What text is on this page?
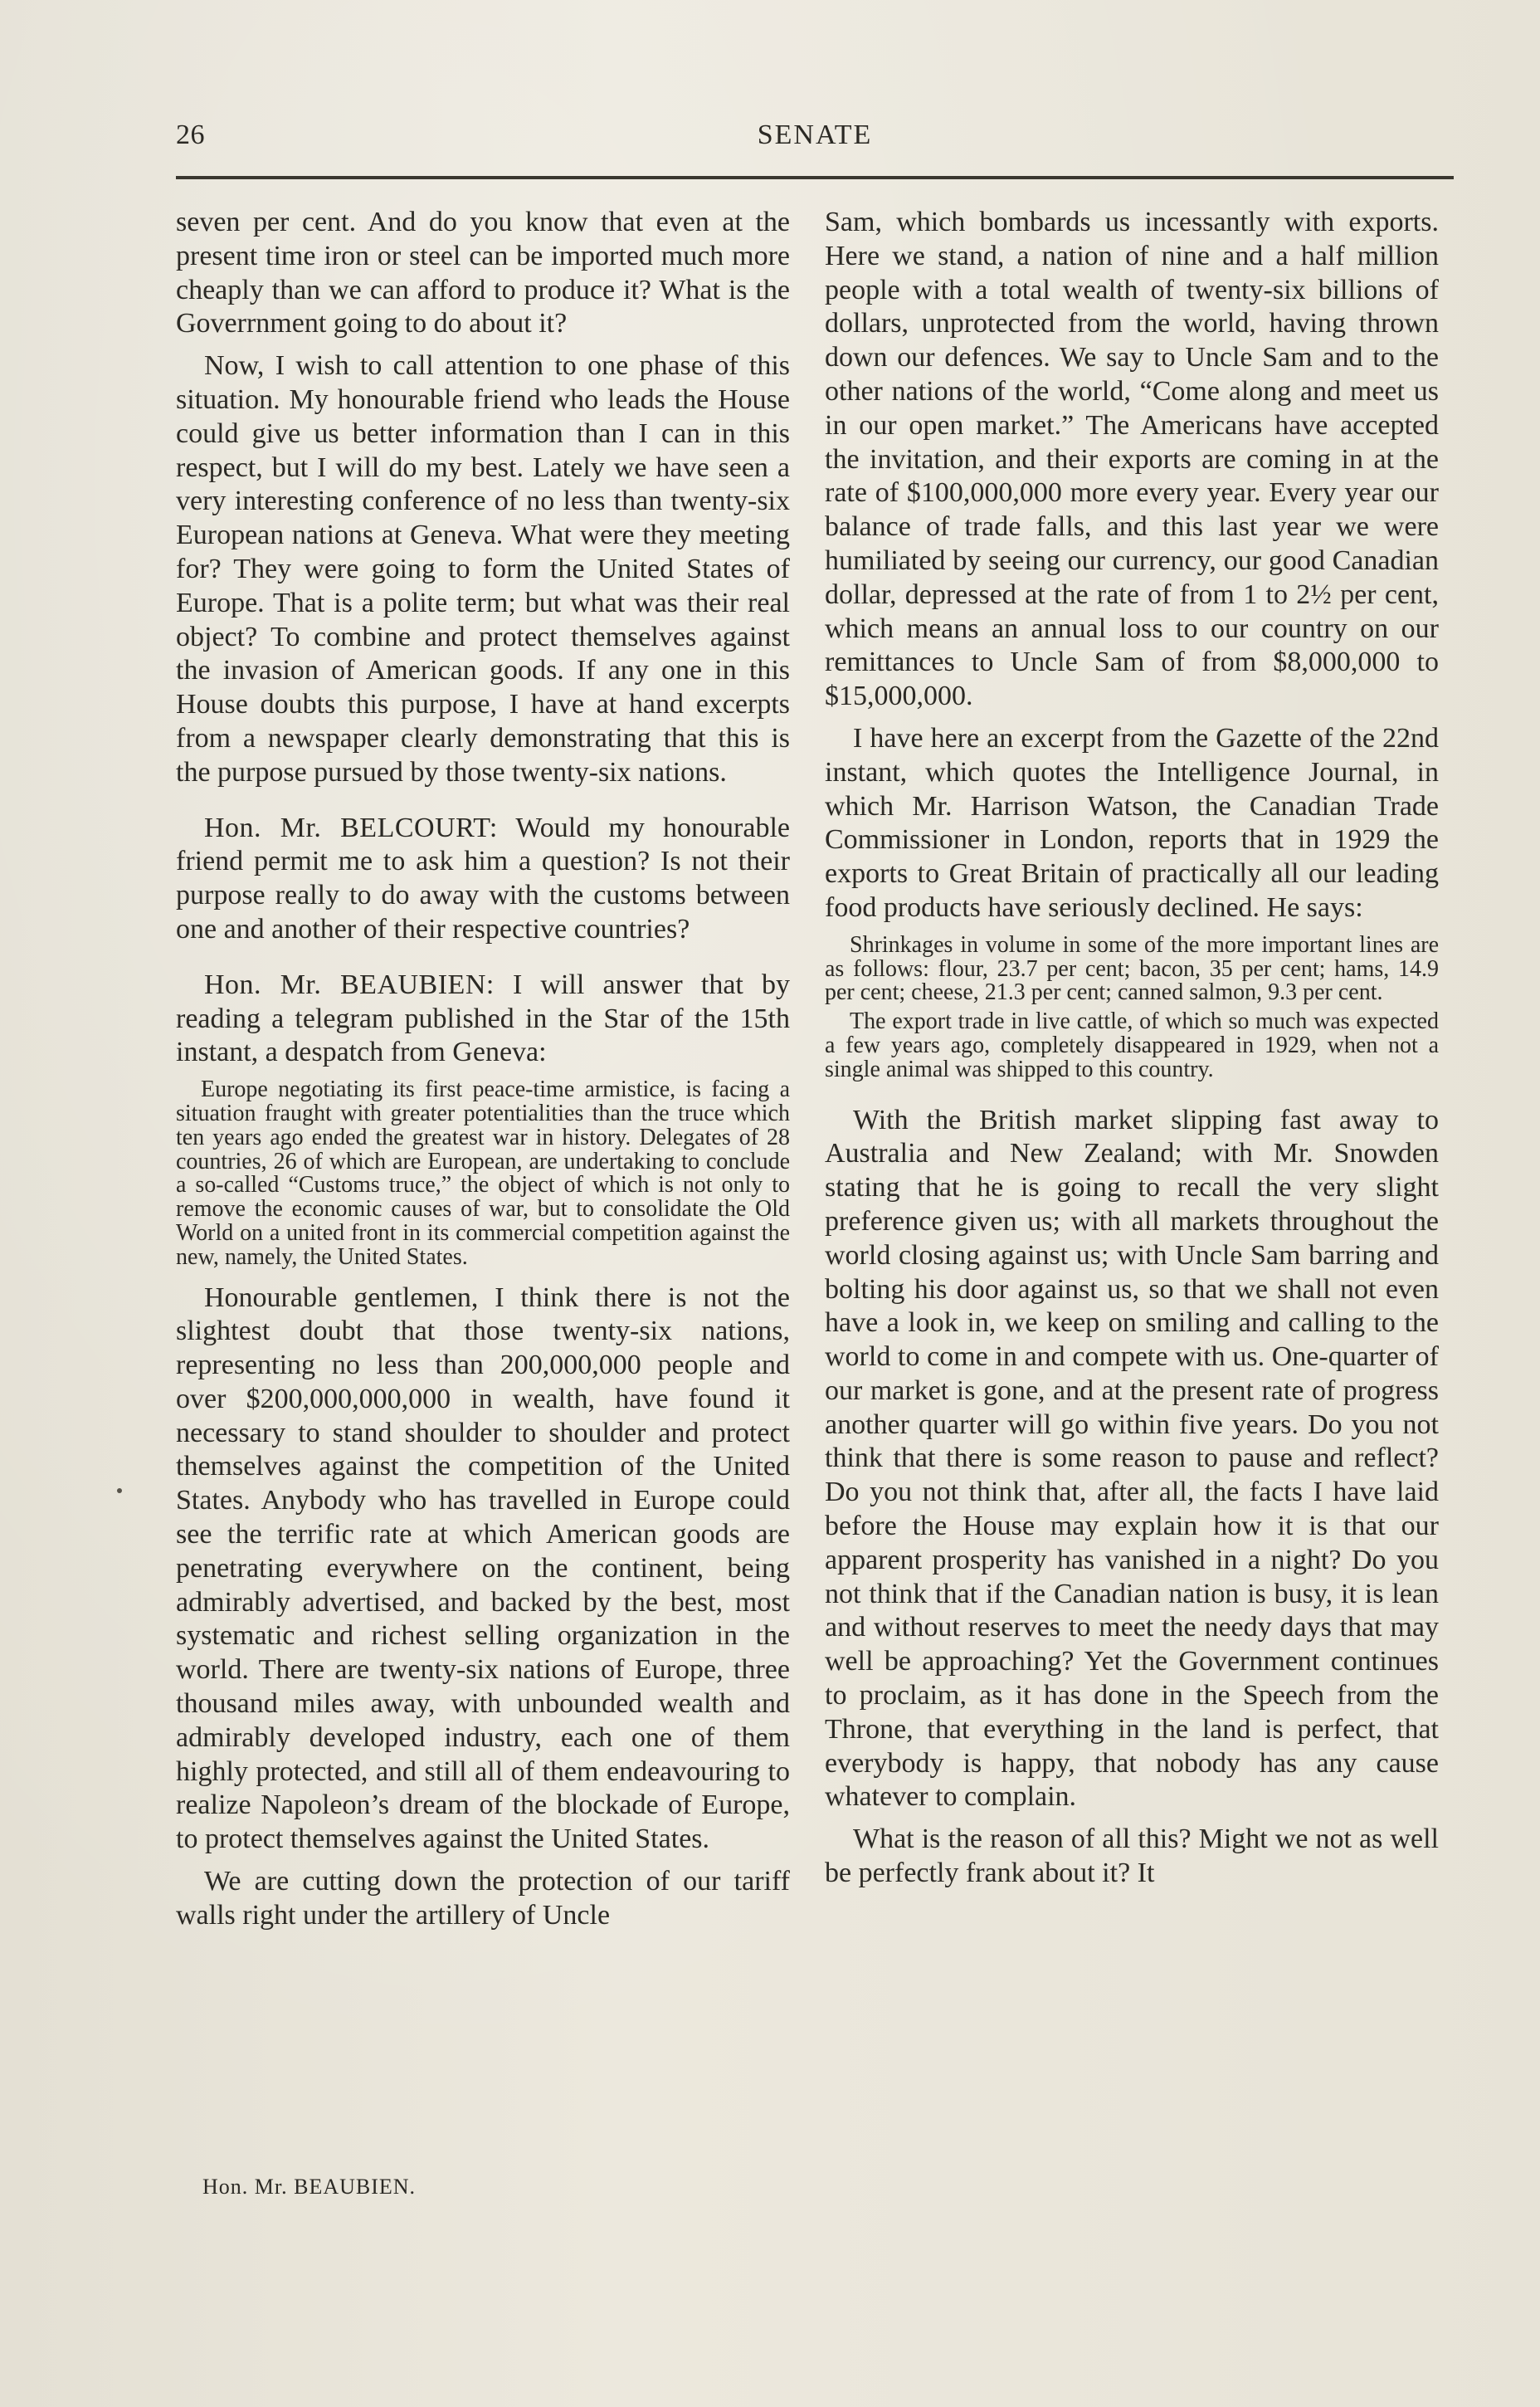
26	SENATE

seven per cent. And do you know that even at the present time iron or steel can be imported much more cheaply than we can afford to produce it? What is the Goverrnment going to do about it?

Now, I wish to call attention to one phase of this situation. My honourable friend who leads the House could give us better information than I can in this respect, but I will do my best. Lately we have seen a very interesting conference of no less than twenty-six European nations at Geneva. What were they meeting for? They were going to form the United States of Europe. That is a polite term; but what was their real object? To combine and protect themselves against the invasion of American goods. If any one in this House doubts this purpose, I have at hand excerpts from a newspaper clearly demonstrating that this is the purpose pursued by those twenty-six nations.

Hon. Mr. BELCOURT: Would my honourable friend permit me to ask him a question? Is not their purpose really to do away with the customs between one and another of their respective countries?

Hon. Mr. BEAUBIEN: I will answer that by reading a telegram published in the Star of the 15th instant, a despatch from Geneva:

Europe negotiating its first peace-time armistice, is facing a situation fraught with greater potentialities than the truce which ten years ago ended the greatest war in history. Delegates of 28 countries, 26 of which are European, are undertaking to conclude a so-called “Customs truce,” the object of which is not only to remove the economic causes of war, but to consolidate the Old World on a united front in its commercial competition against the new, namely, the United States.

Honourable gentlemen, I think there is not the slightest doubt that those twenty-six nations, representing no less than 200,000,000 people and over $200,000,000,000 in wealth, have found it necessary to stand shoulder to shoulder and protect themselves against the competition of the United States. Anybody who has travelled in Europe could see the terrific rate at which American goods are penetrating everywhere on the continent, being admirably advertised, and backed by the best, most systematic and richest selling organization in the world. There are twenty-six nations of Europe, three thousand miles away, with unbounded wealth and admirably developed industry, each one of them highly protected, and still all of them endeavouring to realize Napoleon’s dream of the blockade of Europe, to protect themselves against the United States.

We are cutting down the protection of our tariff walls right under the artillery of Uncle

Sam, which bombards us incessantly with exports. Here we stand, a nation of nine and a half million people with a total wealth of twenty-six billions of dollars, unprotected from the world, having thrown down our defences. We say to Uncle Sam and to the other nations of the world, “Come along and meet us in our open market.” The Americans have accepted the invitation, and their exports are coming in at the rate of $100,000,000 more every year. Every year our balance of trade falls, and this last year we were humiliated by seeing our currency, our good Canadian dollar, depressed at the rate of from 1 to 2½ per cent, which means an annual loss to our country on our remittances to Uncle Sam of from $8,000,000 to $15,000,000.

I have here an excerpt from the Gazette of the 22nd instant, which quotes the Intelligence Journal, in which Mr. Harrison Watson, the Canadian Trade Commissioner in London, reports that in 1929 the exports to Great Britain of practically all our leading food products have seriously declined. He says:

Shrinkages in volume in some of the more important lines are as follows: flour, 23.7 per cent; bacon, 35 per cent; hams, 14.9 per cent; cheese, 21.3 per cent; canned salmon, 9.3 per cent.

The export trade in live cattle, of which so much was expected a few years ago, completely disappeared in 1929, when not a single animal was shipped to this country.

With the British market slipping fast away to Australia and New Zealand; with Mr. Snowden stating that he is going to recall the very slight preference given us; with all markets throughout the world closing against us; with Uncle Sam barring and bolting his door against us, so that we shall not even have a look in, we keep on smiling and calling to the world to come in and compete with us. One-quarter of our market is gone, and at the present rate of progress another quarter will go within five years. Do you not think that there is some reason to pause and reflect? Do you not think that, after all, the facts I have laid before the House may explain how it is that our apparent prosperity has vanished in a night? Do you not think that if the Canadian nation is busy, it is lean and without reserves to meet the needy days that may well be approaching? Yet the Government continues to proclaim, as it has done in the Speech from the Throne, that everything in the land is perfect, that everybody is happy, that nobody has any cause whatever to complain.

What is the reason of all this? Might we not as well be perfectly frank about it? It

Hon. Mr. BEAUBIEN.
